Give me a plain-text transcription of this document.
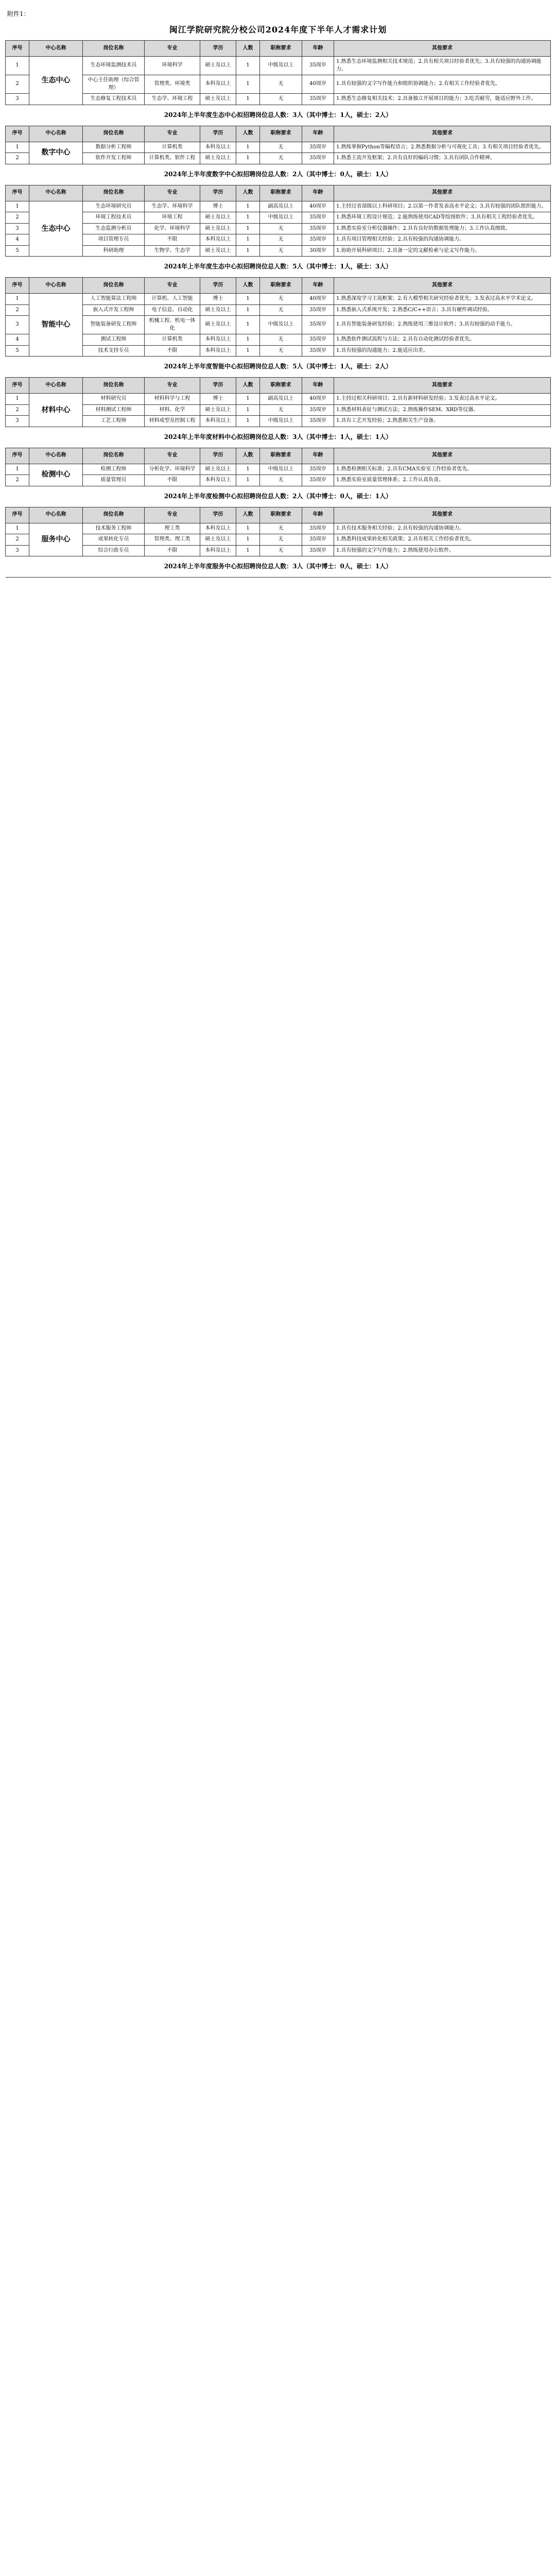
附件1：
闽江学院研究院分校公司2024年度下半年人才需求计划
序号	中心名称	岗位名称	专业	学历	人数	职称要求	年龄	其他要求
1	生态中心	生态环境监测技术员	环境科学	硕士及以上	1	中级及以上	35周岁	1.熟悉生态环境监测相关技术规范；2.具有相关项目经验者优先；3.具有较强的沟通协调能力。
2		中心主任助理（综合管理）	管理类、环境类	本科及以上	1	无	40周岁	1.具有较强的文字写作能力和组织协调能力；2.有相关工作经验者优先。
3		生态修复工程技术员	生态学、环境工程	硕士及以上	1	无	35周岁	1.熟悉生态修复相关技术；2.具备独立开展项目的能力；3.吃苦耐劳，能适应野外工作。
2024年上半年度生态中心拟招聘岗位总人数：3人（其中博士：1人，硕士：2人）								
序号	中心名称	岗位名称	专业	学历	人数	职称要求	年龄	其他要求
1	数字中心	数据分析工程师	计算机类	本科及以上	1	无	35周岁	1.熟练掌握Python等编程语言；2.熟悉数据分析与可视化工具；3.有相关项目经验者优先。
2		软件开发工程师	计算机类、软件工程	硕士及以上	1	无	35周岁	1.熟悉主流开发框架；2.具有良好的编码习惯；3.具有团队合作精神。
2024年上半年度数字中心拟招聘岗位总人数：2人（其中博士：0人，硕士：1人）								
序号	中心名称	岗位名称	专业	学历	人数	职称要求	年龄	其他要求
1	生态中心	生态环境研究员	生态学、环境科学	博士	1	副高及以上	40周岁	1.主持过省部级以上科研项目；2.以第一作者发表高水平论文；3.具有较强的团队组织能力。
2		环境工程技术员	环境工程	硕士及以上	1	中级及以上	35周岁	1.熟悉环境工程设计规范；2.能熟练使用CAD等绘图软件；3.具有相关工程经验者优先。
3		生态监测分析员	化学、环境科学	硕士及以上	1	无	35周岁	1.熟悉实验室分析仪器操作；2.具有良好的数据处理能力；3.工作认真细致。
4		项目管理专员	不限	本科及以上	1	无	35周岁	1.具有项目管理相关经验；2.具有较强的沟通协调能力。
5		科研助理	生物学、生态学	硕士及以上	1	无	30周岁	1.协助开展科研项目；2.具备一定的文献检索与论文写作能力。
2024年上半年度生态中心拟招聘岗位总人数：5人（其中博士：1人，硕士：3人）								
序号	中心名称	岗位名称	专业	学历	人数	职称要求	年龄	其他要求
1	智能中心	人工智能算法工程师	计算机、人工智能	博士	1	无	40周岁	1.熟悉深度学习主流框架；2.有大模型相关研究经验者优先；3.发表过高水平学术论文。
2		嵌入式开发工程师	电子信息、自动化	硕士及以上	1	无	35周岁	1.熟悉嵌入式系统开发；2.熟悉C/C++语言；3.具有硬件调试经验。
3		智能装备研发工程师	机械工程、机电一体化	硕士及以上	1	中级及以上	35周岁	1.具有智能装备研发经验；2.熟练使用三维设计软件；3.具有较强的动手能力。
4		测试工程师	计算机类	本科及以上	1	无	35周岁	1.熟悉软件测试流程与方法；2.具有自动化测试经验者优先。
5		技术支持专员	不限	本科及以上	1	无	35周岁	1.具有较强的沟通能力；2.能适应出差。
2024年上半年度智能中心拟招聘岗位总人数：5人（其中博士：1人，硕士：2人）								
序号	中心名称	岗位名称	专业	学历	人数	职称要求	年龄	其他要求
1	材料中心	材料研究员	材料科学与工程	博士	1	副高及以上	40周岁	1.主持过相关科研项目；2.具有新材料研发经验；3.发表过高水平论文。
2		材料测试工程师	材料、化学	硕士及以上	1	无	35周岁	1.熟悉材料表征与测试方法；2.熟练操作SEM、XRD等仪器。
3		工艺工程师	材料成型及控制工程	本科及以上	1	中级及以上	35周岁	1.具有工艺开发经验；2.熟悉相关生产设备。
2024年上半年度材料中心拟招聘岗位总人数：3人（其中博士：1人，硕士：1人）								
序号	中心名称	岗位名称	专业	学历	人数	职称要求	年龄	其他要求
1	检测中心	检测工程师	分析化学、环境科学	硕士及以上	1	中级及以上	35周岁	1.熟悉检测相关标准；2.具有CMA实验室工作经验者优先。
2		质量管理员	不限	本科及以上	1	无	35周岁	1.熟悉实验室质量管理体系；2.工作认真负责。
2024年上半年度检测中心拟招聘岗位总人数：2人（其中博士：0人，硕士：1人）								
序号	中心名称	岗位名称	专业	学历	人数	职称要求	年龄	其他要求
1	服务中心	技术服务工程师	理工类	本科及以上	1	无	35周岁	1.具有技术服务相关经验；2.具有较强的沟通协调能力。
2		成果转化专员	管理类、理工类	硕士及以上	1	无	35周岁	1.熟悉科技成果转化相关政策；2.具有相关工作经验者优先。
3		综合行政专员	不限	本科及以上	1	无	35周岁	1.具有较强的文字写作能力；2.熟练使用办公软件。
2024年上半年度服务中心拟招聘岗位总人数：3人（其中博士：0人，硕士：1人）								
